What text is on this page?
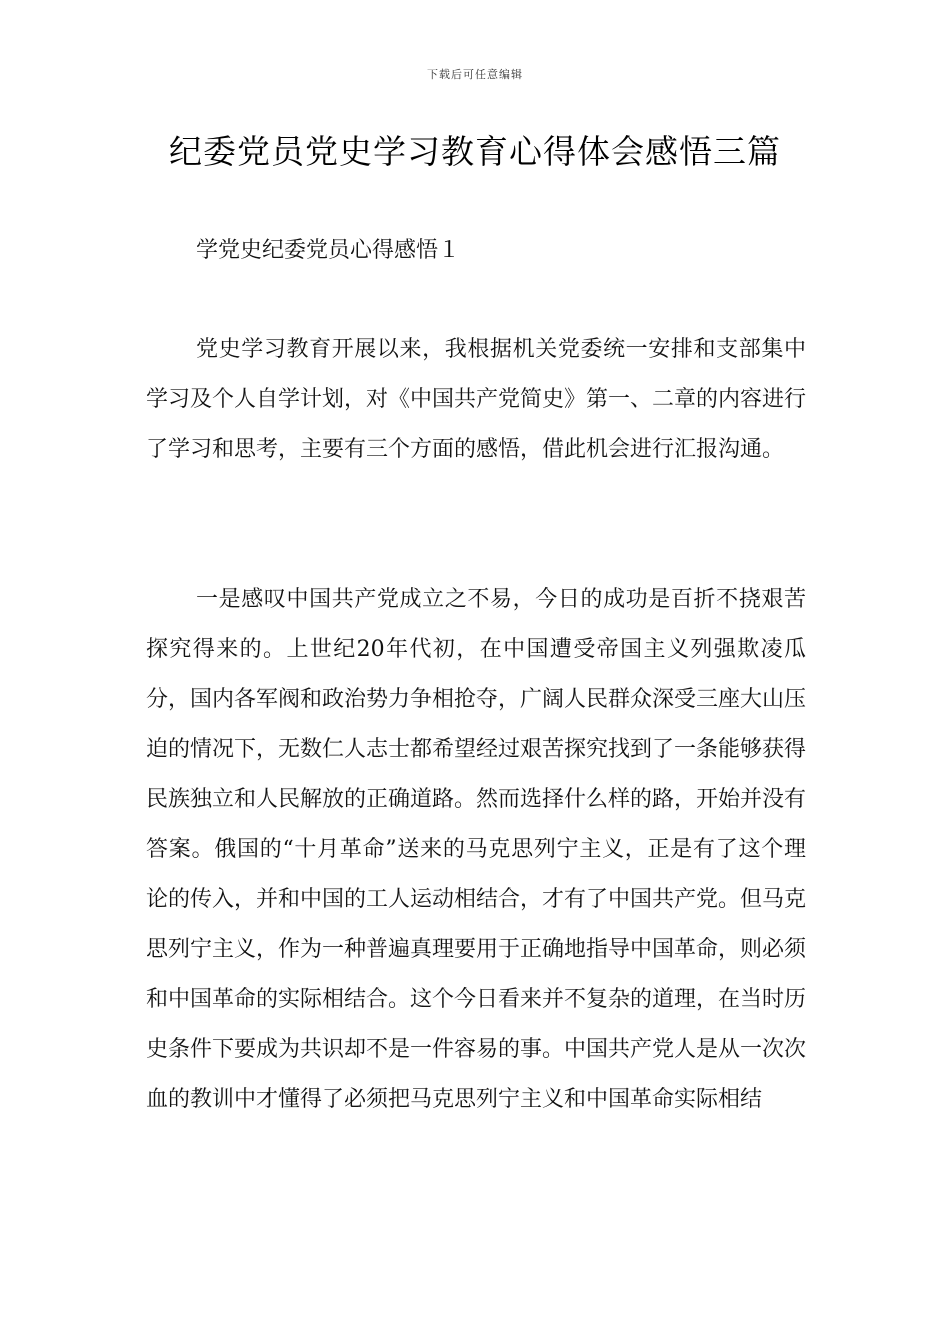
下载后可任意编辑
纪委党员党史学习教育心得体会感悟三篇
学党史纪委党员心得感悟１

党史学习教育开展以来，我根据机关党委统一安排和支部集中学习及个人自学计划，对《中国共产党简史》第一、二章的内容进行了学习和思考，主要有三个方面的感悟，借此机会进行汇报沟通。

一是感叹中国共产党成立之不易，今日的成功是百折不挠艰苦探究得来的。上世纪20年代初，在中国遭受帝国主义列强欺凌瓜分，国内各军阀和政治势力争相抢夺，广阔人民群众深受三座大山压迫的情况下，无数仁人志士都希望经过艰苦探究找到了一条能够获得民族独立和人民解放的正确道路。然而选择什么样的路，开始并没有答案。俄国的“十月革命”送来的马克思列宁主义，正是有了这个理论的传入，并和中国的工人运动相结合，才有了中国共产党。但马克思列宁主义，作为一种普遍真理要用于正确地指导中国革命，则必须和中国革命的实际相结合。这个今日看来并不复杂的道理，在当时历史条件下要成为共识却不是一件容易的事。中国共产党人是从一次次血的教训中才懂得了必须把马克思列宁主义和中国革命实际相结
